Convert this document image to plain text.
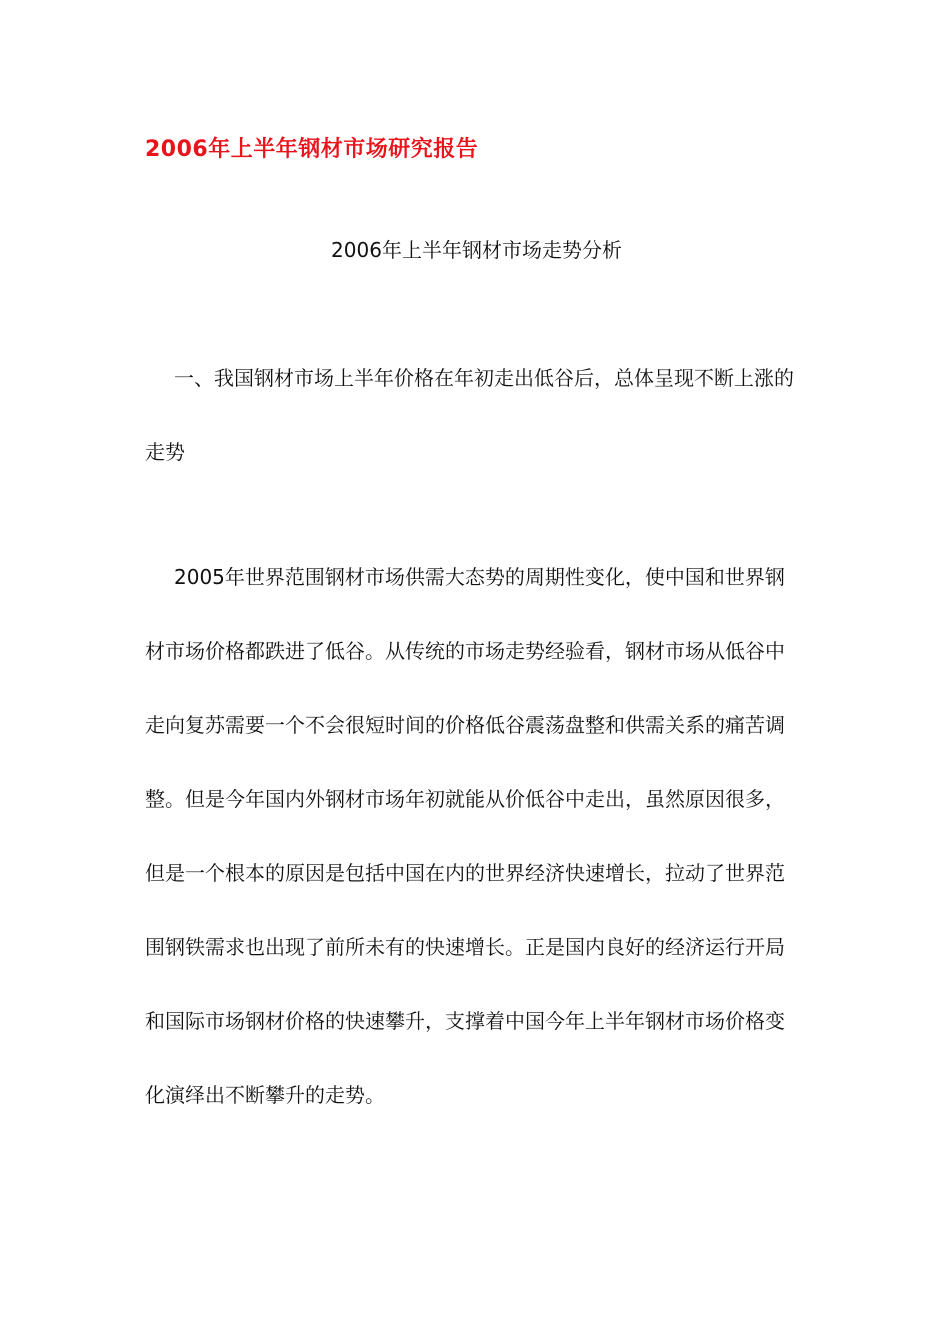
2006年上半年钢材市场研究报告
2006年上半年钢材市场走势分析

一、我国钢材市场上半年价格在年初走出低谷后，总体呈现不断上涨的走势

2005年世界范围钢材市场供需大态势的周期性变化，使中国和世界钢材市场价格都跌进了低谷。从传统的市场走势经验看，钢材市场从低谷中走向复苏需要一个不会很短时间的价格低谷震荡盘整和供需关系的痛苦调整。但是今年国内外钢材市场年初就能从价低谷中走出，虽然原因很多，但是一个根本的原因是包括中国在内的世界经济快速增长，拉动了世界范围钢铁需求也出现了前所未有的快速增长。正是国内良好的经济运行开局和国际市场钢材价格的快速攀升，支撑着中国今年上半年钢材市场价格变化演绎出不断攀升的走势。
